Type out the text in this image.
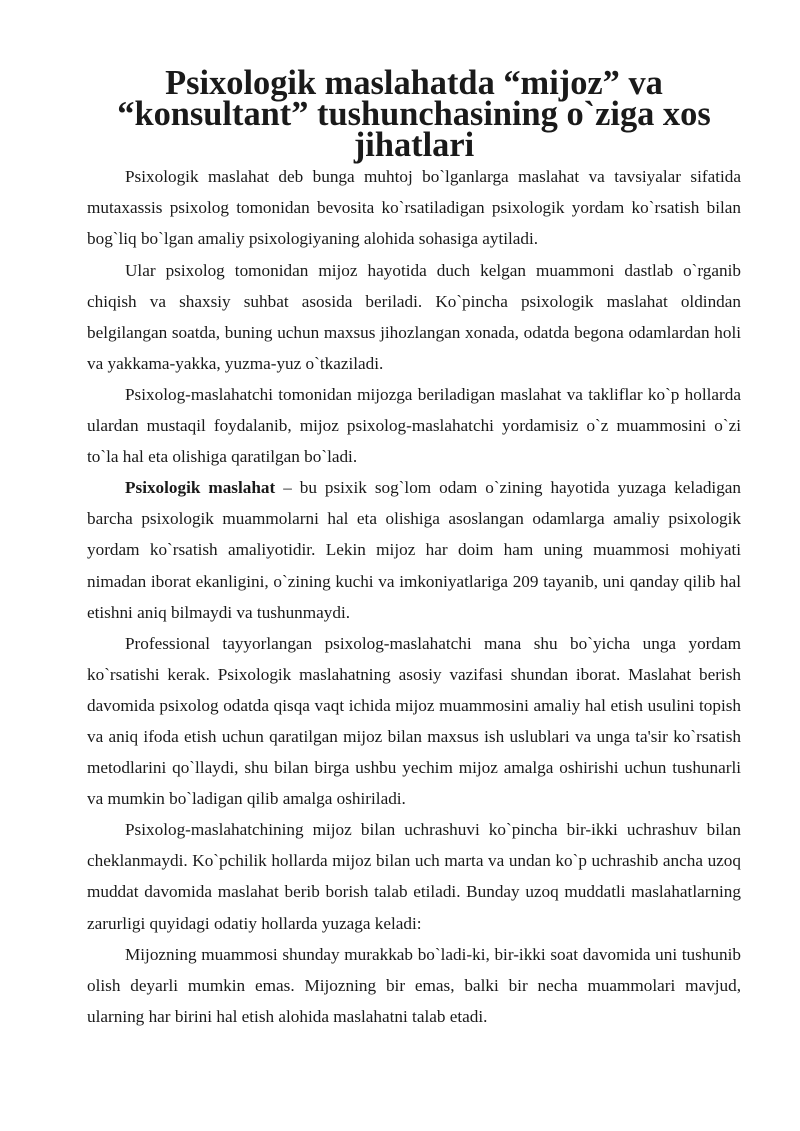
Psixologik maslahatda “mijoz” va “konsultant” tushunchasining o`ziga xos jihatlari

Psixologik maslahat deb bunga muhtoj bo`lganlarga maslahat va tavsiyalar sifatida mutaxassis psixolog tomonidan bevosita ko`rsatiladigan psixologik yordam ko`rsatish bilan bog`liq bo`lgan amaliy psixologiyaning alohida sohasiga aytiladi.

Ular psixolog tomonidan mijoz hayotida duch kelgan muammoni dastlab o`rganib chiqish va shaxsiy suhbat asosida beriladi. Ko`pincha psixologik maslahat oldindan belgilangan soatda, buning uchun maxsus jihozlangan xonada, odatda begona odamlardan holi va yakkama-yakka, yuzma-yuz o`tkaziladi.

Psixolog-maslahatchi tomonidan mijozga beriladigan maslahat va takliflar ko`p hollarda ulardan mustaqil foydalanib, mijoz psixolog-maslahatchi yordamisiz o`z muammosini o`zi to`la hal eta olishiga qaratilgan bo`ladi.

Psixologik maslahat – bu psixik sog`lom odam o`zining hayotida yuzaga keladigan barcha psixologik muammolarni hal eta olishiga asoslangan odamlarga amaliy psixologik yordam ko`rsatish amaliyotidir. Lekin mijoz har doim ham uning muammosi mohiyati nimadan iborat ekanligini, o`zining kuchi va imkoniyatlariga 209 tayanib, uni qanday qilib hal etishni aniq bilmaydi va tushunmaydi.

Professional tayyorlangan psixolog-maslahatchi mana shu bo`yicha unga yordam ko`rsatishi kerak. Psixologik maslahatning asosiy vazifasi shundan iborat. Maslahat berish davomida psixolog odatda qisqa vaqt ichida mijoz muammosini amaliy hal etish usulini topish va aniq ifoda etish uchun qaratilgan mijoz bilan maxsus ish uslublari va unga ta'sir ko`rsatish metodlarini qo`llaydi, shu bilan birga ushbu yechim mijoz amalga oshirishi uchun tushunarli va mumkin bo`ladigan qilib amalga oshiriladi.

Psixolog-maslahatchining mijoz bilan uchrashuvi ko`pincha bir-ikki uchrashuv bilan cheklanmaydi. Ko`pchilik hollarda mijoz bilan uch marta va undan ko`p uchrashib ancha uzoq muddat davomida maslahat berib borish talab etiladi. Bunday uzoq muddatli maslahatlarning zarurligi quyidagi odatiy hollarda yuzaga keladi:

Mijozning muammosi shunday murakkab bo`ladi-ki, bir-ikki soat davomida uni tushunib olish deyarli mumkin emas. Mijozning bir emas, balki bir necha muammolari mavjud, ularning har birini hal etish alohida maslahatni talab etadi.
